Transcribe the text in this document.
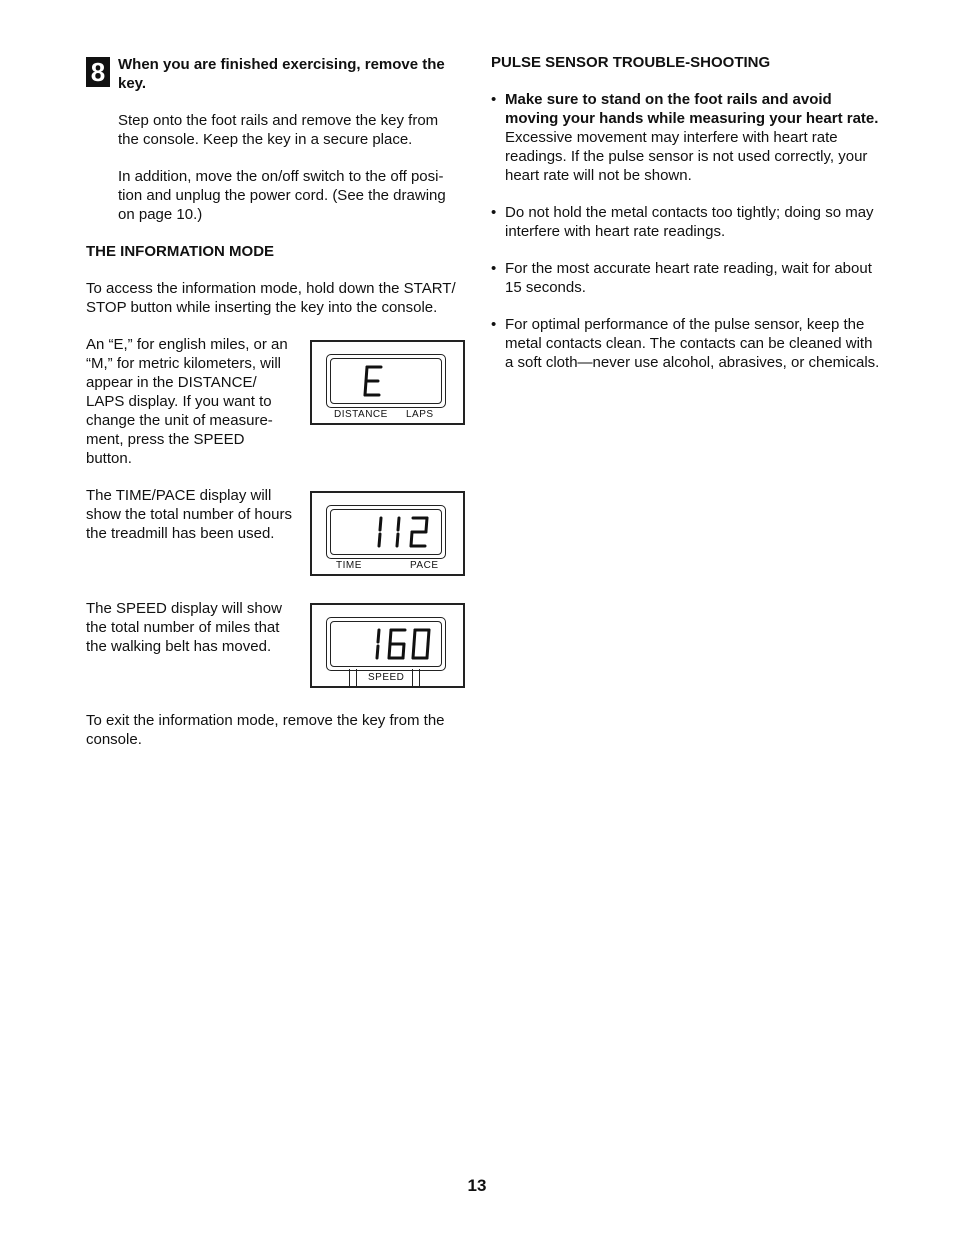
8 When you are finished exercising, remove the key.

Step onto the foot rails and remove the key from the console. Keep the key in a secure place.

In addition, move the on/off switch to the off posi-tion and unplug the power cord. (See the drawing on page 10.)

THE INFORMATION MODE

To access the information mode, hold down the START/ STOP button while inserting the key into the console.

An “E,” for english miles, or an “M,” for metric kilometers, will appear in the DISTANCE/ LAPS display. If you want to change the unit of measure-ment, press the SPEED button.

The TIME/PACE display will show the total number of hours the treadmill has been used.

The SPEED display will show the total number of miles that the walking belt has moved.

To exit the information mode, remove the key from the console.

DISTANCE LAPS
TIME	PACE
SPEED

PULSE SENSOR TROUBLE-SHOOTING

• Make sure to stand on the foot rails and avoid moving your hands while measuring your heart rate. Excessive movement may interfere with heart rate readings. If the pulse sensor is not used correctly, your heart rate will not be shown.

• Do not hold the metal contacts too tightly; doing so may interfere with heart rate readings.

• For the most accurate heart rate reading, wait for about 15 seconds.

• For optimal performance of the pulse sensor, keep the metal contacts clean. The contacts can be cleaned with a soft cloth—never use alcohol, abrasives, or chemicals.

13
